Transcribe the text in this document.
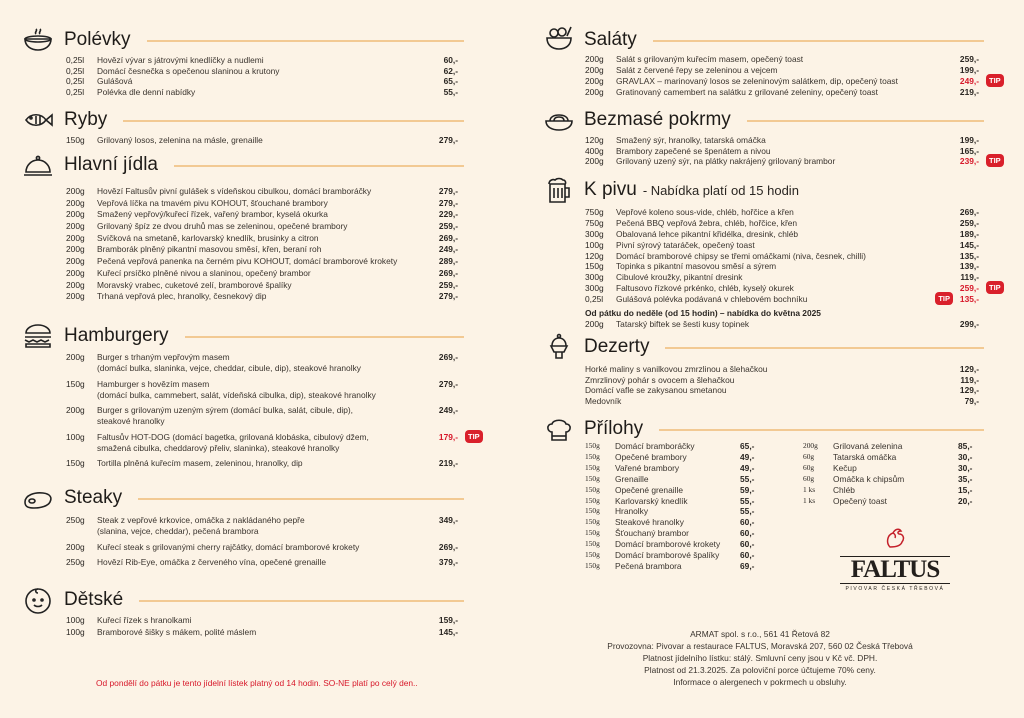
Polévky
0,25l Hovězí vývar s játrovými knedlíčky a nudlemi	60,-
0,25l Domácí česnečka s opečenou slaninou a krutony	62,-
0,25l Gulášová	65,-
0,25l Polévka dle denní nabídky	55,-
Ryby
150g Grilovaný losos, zelenina na másle, grenaille	279,-
Hlavní jídla
200g Hovězí Faltusův pivní gulášek s vídeňskou cibulkou, domácí bramboráčky	279,-
200g Vepřová líčka na tmavém pivu KOHOUT, šťouchané brambory	279,-
200g Smažený vepřový/kuřecí řízek, vařený brambor, kyselá okurka	229,-
200g Grilovaný špíz ze dvou druhů mas se zeleninou, opečené brambory	259,-
200g Svíčková na smetaně, karlovarský knedlík, brusinky a citron	269,-
200g Bramborák plněný pikantní masovou směsí, křen, beraní roh	249,-
200g Pečená vepřová panenka na černém pivu KOHOUT, domácí bramborové krokety	289,-
200g Kuřecí prsíčko plněné nivou a slaninou, opečený brambor	269,-
200g Moravský vrabec, cuketové zelí, bramborové špalíky	259,-
200g Trhaná vepřová plec, hranolky, česnekový dip	279,-
Hamburgery
200g Burger s trhaným vepřovým masem
(domácí bulka, slaninka, vejce, cheddar, cibule, dip), steakové hranolky
269,-
150g Hamburger s hovězím masem
(domácí bulka, cammebert, salát, vídeňská cibulka, dip), steakové hranolky
279,-
200g Burger s grilovaným uzeným sýrem (domácí bulka, salát, cibule, dip),
steakové hranolky
249,-
100g Faltusův HOT-DOG (domácí bagetka, grilovaná klobáska, cibulový džem,
smažená cibulka, cheddarový přeliv, slaninka), steakové hranolky
179,-	TIP
150g Tortilla plněná kuřecím masem, zeleninou, hranolky, dip	219,-
Steaky
250g Steak z vepřové krkovice, omáčka z nakládaného pepře
(slanina, vejce, cheddar), pečená brambora
349,-
200g Kuřecí steak s grilovanými cherry rajčátky, domácí bramborové krokety	269,-
250g Hovězí Rib-Eye, omáčka z červeného vína, opečené grenaille	379,-
Dětské
100g Kuřecí řízek s hranolkami	159,-
100g Bramborové šišky s mákem, polité máslem	145,-
Od pondělí do pátku je tento jídelní lístek platný od 14 hodin. SO-NE platí po celý den..
Saláty
200g Salát s grilovaným kuřecím masem, opečený toast	259,-
200g Salát z červené řepy se zeleninou a vejcem	199,-
200g GRAVLAX – marinovaný losos se zeleninovým salátkem, dip, opečený toast	249,-	TIP
200g Gratinovaný camembert na salátku z grilované zeleniny, opečený toast	219,-
Bezmasé pokrmy
120g Smažený sýr, hranolky, tatarská omáčka	199,-
400g Brambory zapečené se špenátem a nivou	165,-
200g Grilovaný uzený sýr, na plátky nakrájený grilovaný brambor	239,-	TIP
K pivu - Nabídka platí od 15 hodin
750g Vepřové koleno sous-vide, chléb, hořčice a křen	269,-
750g Pečená BBQ vepřová žebra, chléb, hořčice, křen	259,-
300g Obalovaná lehce pikantní křidélka, dresink, chléb	189,-
100g Pivní sýrový tataráček, opečený toast	145,-
120g Domácí bramborové chipsy se třemi omáčkami (niva, česnek, chilli)	135,-
150g Topinka s pikantní masovou směsí a sýrem	139,-
300g Cibulové kroužky, pikantní dresink	119,-
300g Faltusovo řízkové prkénko, chléb, kyselý okurek	259,-	TIP
0,25l Gulášová polévka podávaná v chlebovém bochníku	135,-
TIP
Od pátku do neděle (od 15 hodin) – nabídka do května 2025
200g Tatarský biftek se šesti kusy topinek	299,-
Dezerty
Horké maliny s vanilkovou zmrzlinou a šlehačkou	129,-
Zmrzlinový pohár s ovocem a šlehačkou	119,-
Domácí vafle se zakysanou smetanou	129,-
Medovník	79,-
Přílohy
150g Domácí bramboráčky	65,-
150g Opečené brambory	49,-
150g Vařené brambory	49,-
150g Grenaille	55,-
150g Opečené grenaille	59,-
150g Karlovarský knedlík	55,-
150g Hranolky	55,-
150g Steakové hranolky	60,-
150g Šťouchaný brambor	60,-
150g Domácí bramborové krokety 60,-
150g Domácí bramborové špalíky 60,-
150g Pečená brambora	69,-
200g Grilovaná zelenina	85,-
60g Tatarská omáčka	30,-
60g Kečup	30,-
60g Omáčka k chipsům	35,-
1 ks Chléb	15,-
1 ks Opečený toast	20,-
FALTUS
PIVOVAR ČESKÁ TŘEBOVÁ
ARMAT spol. s r.o., 561 41 Řetová 82
Provozovna: Pivovar a restaurace FALTUS, Moravská 207, 560 02 Česká Třebová
Platnost jídelního lístku: stálý. Smluvní ceny jsou v Kč vč. DPH.
Platnost od 21.3.2025. Za poloviční porce účtujeme 70% ceny.
Informace o alergenech v pokrmech u obsluhy.
